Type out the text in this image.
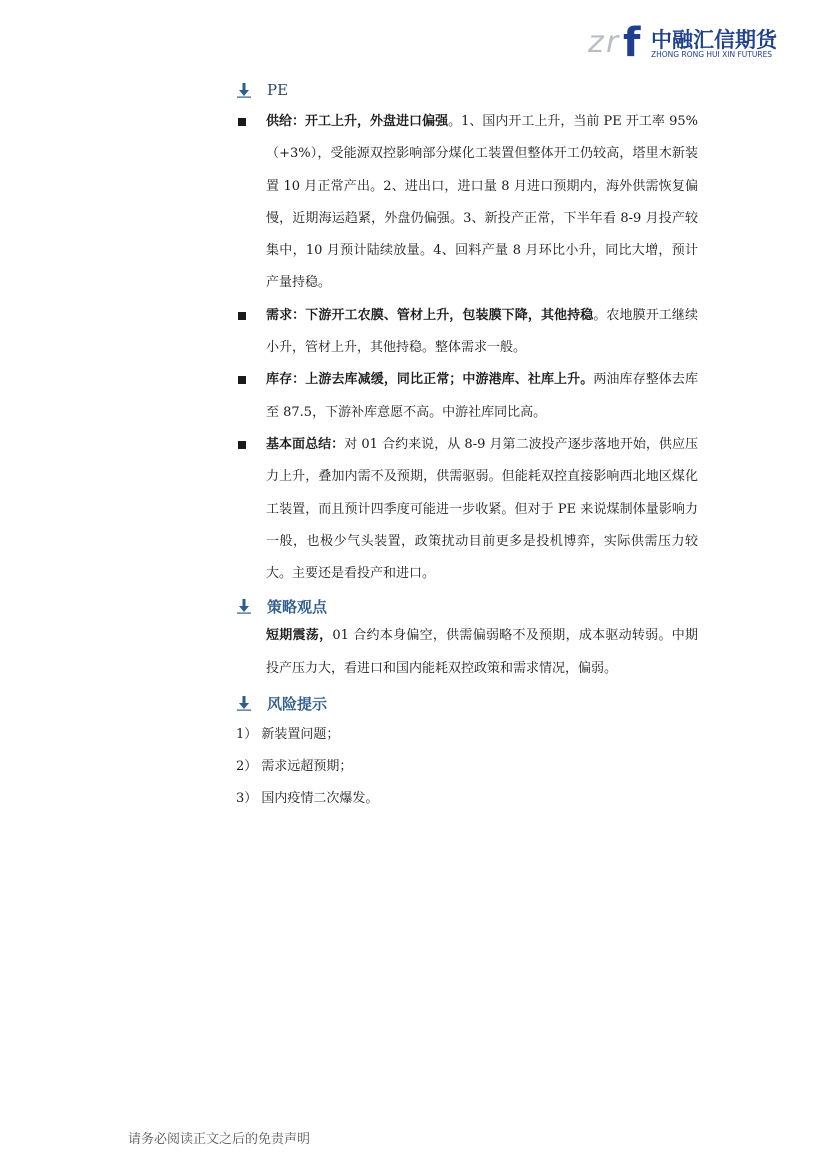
z r f 中融汇信期货
ZHONG RONG HUI XIN FUTURES
PE

供给：开工上升，外盘进口偏强。1、国内开工上升，当前 PE 开工率 95%（+3%），受能源双控影响部分煤化工装置但整体开工仍较高，塔里木新装置 10 月正常产出。2、进出口，进口量 8 月进口预期内，海外供需恢复偏慢，近期海运趋紧，外盘仍偏强。3、新投产正常，下半年看 8-9 月投产较集中，10 月预计陆续放量。4、回料产量 8 月环比小升，同比大增，预计产量持稳。

需求：下游开工农膜、管材上升，包装膜下降，其他持稳。农地膜开工继续小升，管材上升，其他持稳。整体需求一般。

库存：上游去库减缓，同比正常；中游港库、社库上升。两油库存整体去库至 87.5，下游补库意愿不高。中游社库同比高。

基本面总结：对 01 合约来说，从 8-9 月第二波投产逐步落地开始，供应压力上升，叠加内需不及预期，供需驱弱。但能耗双控直接影响西北地区煤化工装置，而且预计四季度可能进一步收紧。但对于 PE 来说煤制体量影响力一般，也极少气头装置，政策扰动目前更多是投机博弈，实际供需压力较大。主要还是看投产和进口。

策略观点

短期震荡，01 合约本身偏空，供需偏弱略不及预期，成本驱动转弱。中期投产压力大，看进口和国内能耗双控政策和需求情况，偏弱。

风险提示

1） 新装置问题；

2） 需求远超预期；

3） 国内疫情二次爆发。

请务必阅读正文之后的免责声明
